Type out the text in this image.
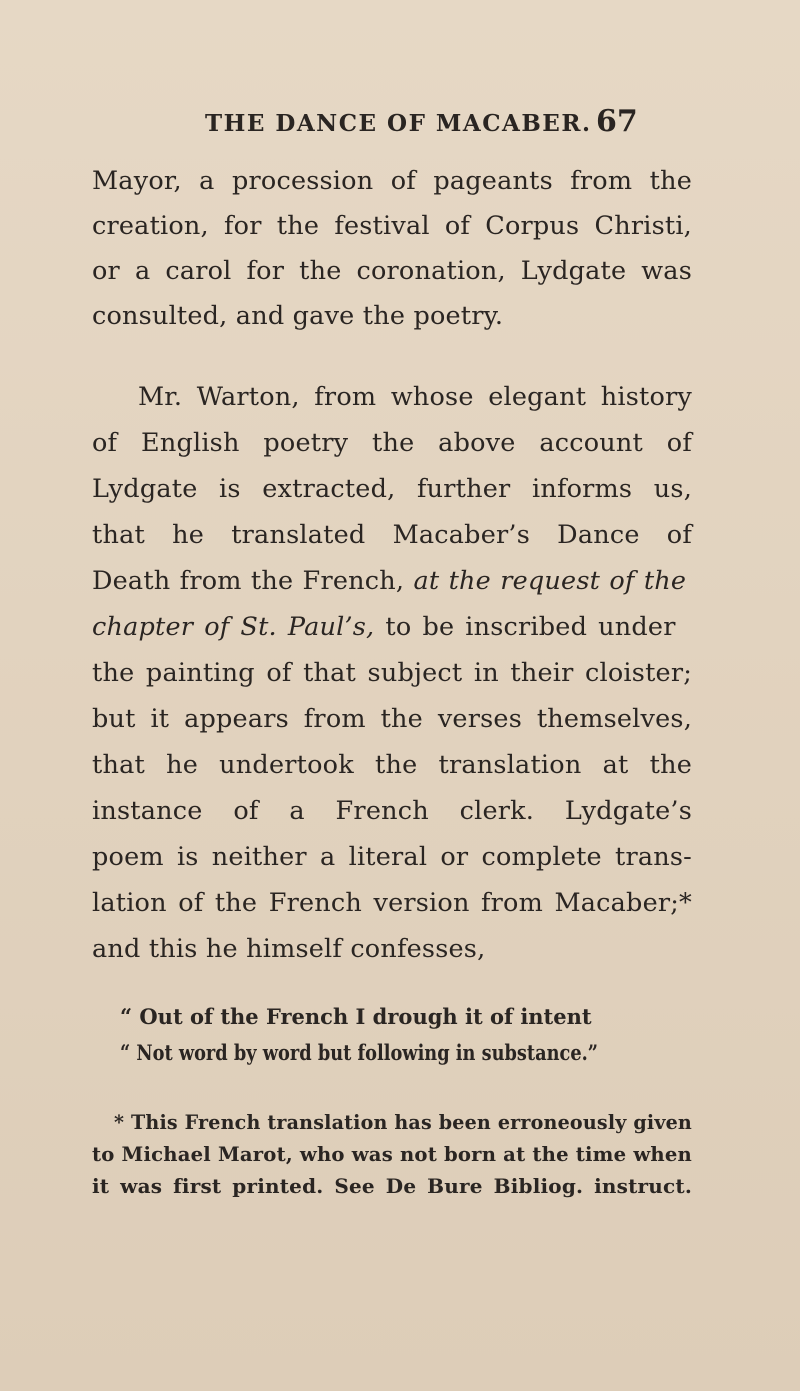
THE DANCE OF MACABER. 67
Mayor, a procession of pageants from the
creation, for the festival of Corpus Christi,
or a carol for the coronation, Lydgate was
consulted, and gave the poetry.
Mr. Warton, from whose elegant history
of English poetry the above account of
Lydgate is extracted, further informs us,
that he translated Macaber’s Dance of
Death from the French, at the request of the
chapter of St. Paul’s, to be inscribed under
the painting of that subject in their cloister;
but it appears from the verses themselves,
that he undertook the translation at the
instance of a French clerk. Lydgate’s
poem is neither a literal or complete trans-
lation of the French version from Macaber;*
and this he himself confesses,
“ Out of the French I drough it of intent
“ Not word by word but following in substance.”
* This French translation has been erroneously given
to Michael Marot, who was not born at the time when
it was first printed. See De Bure Bibliog. instruct.
